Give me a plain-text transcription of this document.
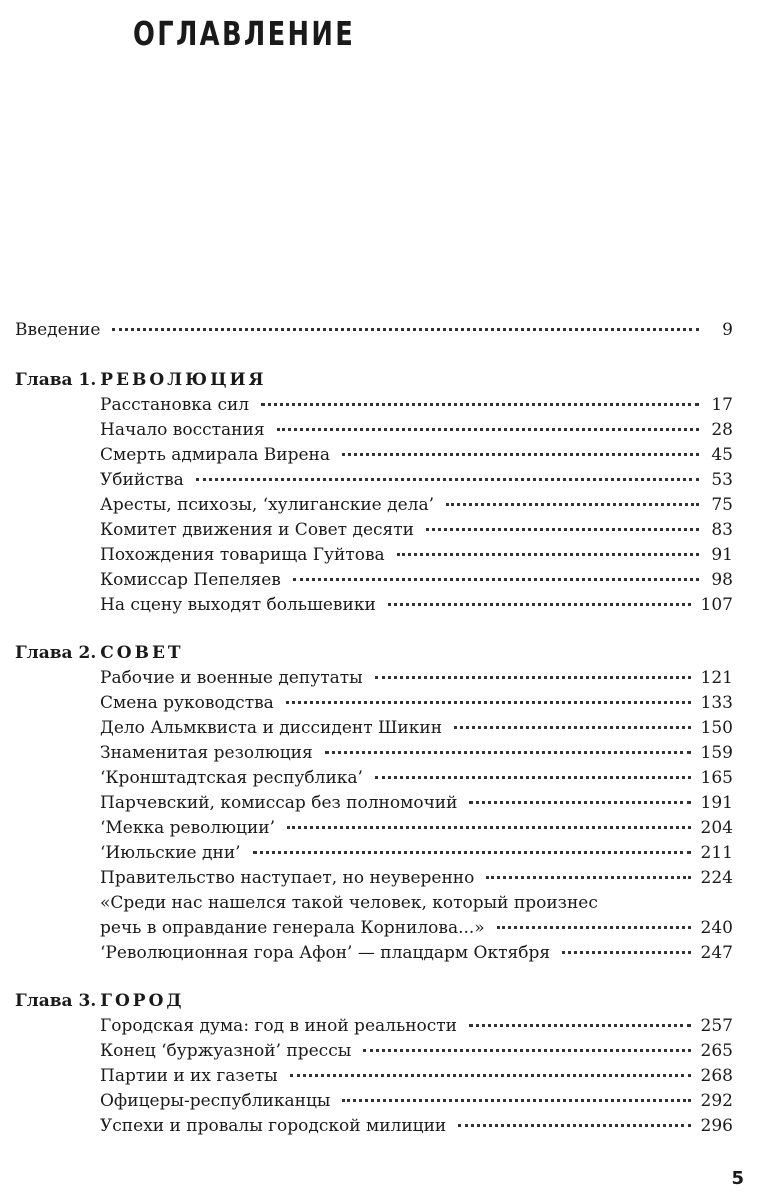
ОГЛАВЛЕНИЕ
Введение	9
Глава 1. РЕВОЛЮЦИЯ
Расстановка сил	17
Начало восстания	28
Смерть адмирала Вирена	45
Убийства	53
Аресты, психозы, ‘хулиганские дела’	75
Комитет движения и Совет десяти	83
Похождения товарища Гуйтова	91
Комиссар Пепеляев	98
На сцену выходят большевики	107
Глава 2. СОВЕТ
Рабочие и военные депутаты	121
Смена руководства	133
Дело Альмквиста и диссидент Шикин	150
Знаменитая резолюция	159
‘Кронштадтская республика’	165
Парчевский, комиссар без полномочий	191
‘Мекка революции’	204
‘Июльские дни’	211
Правительство наступает, но неуверенно	224
«Среди нас нашелся такой человек, который произнес
речь в оправдание генерала Корнилова...»	240
‘Революционная гора Афон’ — плацдарм Октября	247
Глава 3. ГОРОД
Городская дума: год в иной реальности	257
Конец ‘буржуазной’ прессы	265
Партии и их газеты	268
Офицеры-республиканцы	292
Успехи и провалы городской милиции	296
5
